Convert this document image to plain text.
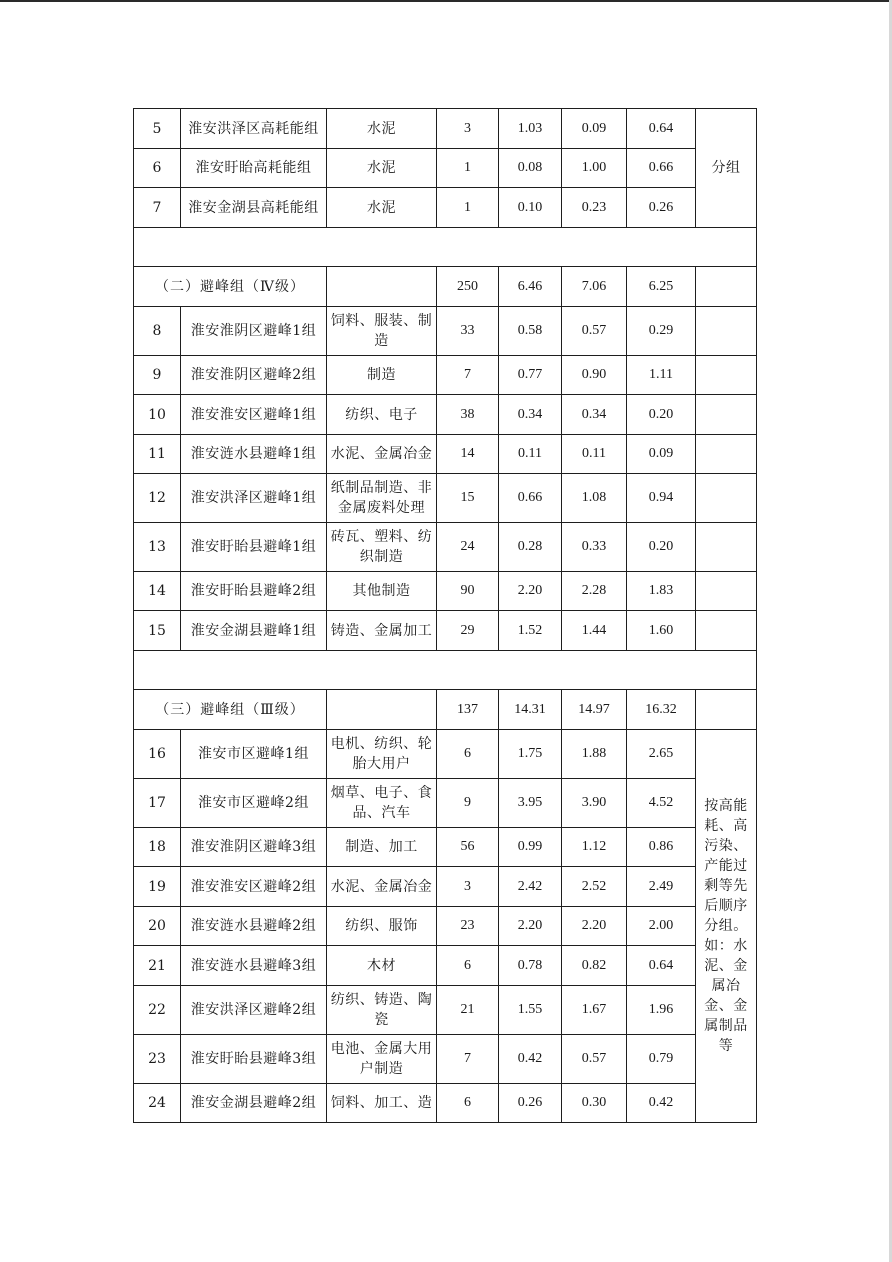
5	淮安洪泽区高耗能组	水泥	3	1.03	0.09	0.64	分组
6	淮安盱眙高耗能组	水泥	1	0.08	1.00	0.66	
7	淮安金湖县高耗能组	水泥	1	0.10	0.23	0.26	

（二）避峰组（Ⅳ级）			250	6.46	7.06	6.25	
8	淮安淮阴区避峰1组	饲料、服装、制造	33	0.58	0.57	0.29	
9	淮安淮阴区避峰2组	制造	7	0.77	0.90	1.11	
10	淮安淮安区避峰1组	纺织、电子	38	0.34	0.34	0.20	
11	淮安涟水县避峰1组	水泥、金属冶金	14	0.11	0.11	0.09	
12	淮安洪泽区避峰1组	纸制品制造、非金属废料处理	15	0.66	1.08	0.94	
13	淮安盱眙县避峰1组	砖瓦、塑料、纺织制造	24	0.28	0.33	0.20	
14	淮安盱眙县避峰2组	其他制造	90	2.20	2.28	1.83	
15	淮安金湖县避峰1组	铸造、金属加工	29	1.52	1.44	1.60	

（三）避峰组（Ⅲ级）			137	14.31	14.97	16.32	
16	淮安市区避峰1组	电机、纺织、轮胎大用户	6	1.75	1.88	2.65	按高能耗、高污染、产能过剩等先后顺序分组。如：水泥、金属冶金、金属制品等
17	淮安市区避峰2组	烟草、电子、食品、汽车	9	3.95	3.90	4.52	
18	淮安淮阴区避峰3组	制造、加工	56	0.99	1.12	0.86	
19	淮安淮安区避峰2组	水泥、金属冶金	3	2.42	2.52	2.49	
20	淮安涟水县避峰2组	纺织、服饰	23	2.20	2.20	2.00	
21	淮安涟水县避峰3组	木材	6	0.78	0.82	0.64	
22	淮安洪泽区避峰2组	纺织、铸造、陶瓷	21	1.55	1.67	1.96	
23	淮安盱眙县避峰3组	电池、金属大用户制造	7	0.42	0.57	0.79	
24	淮安金湖县避峰2组	饲料、加工、造	6	0.26	0.30	0.42	
